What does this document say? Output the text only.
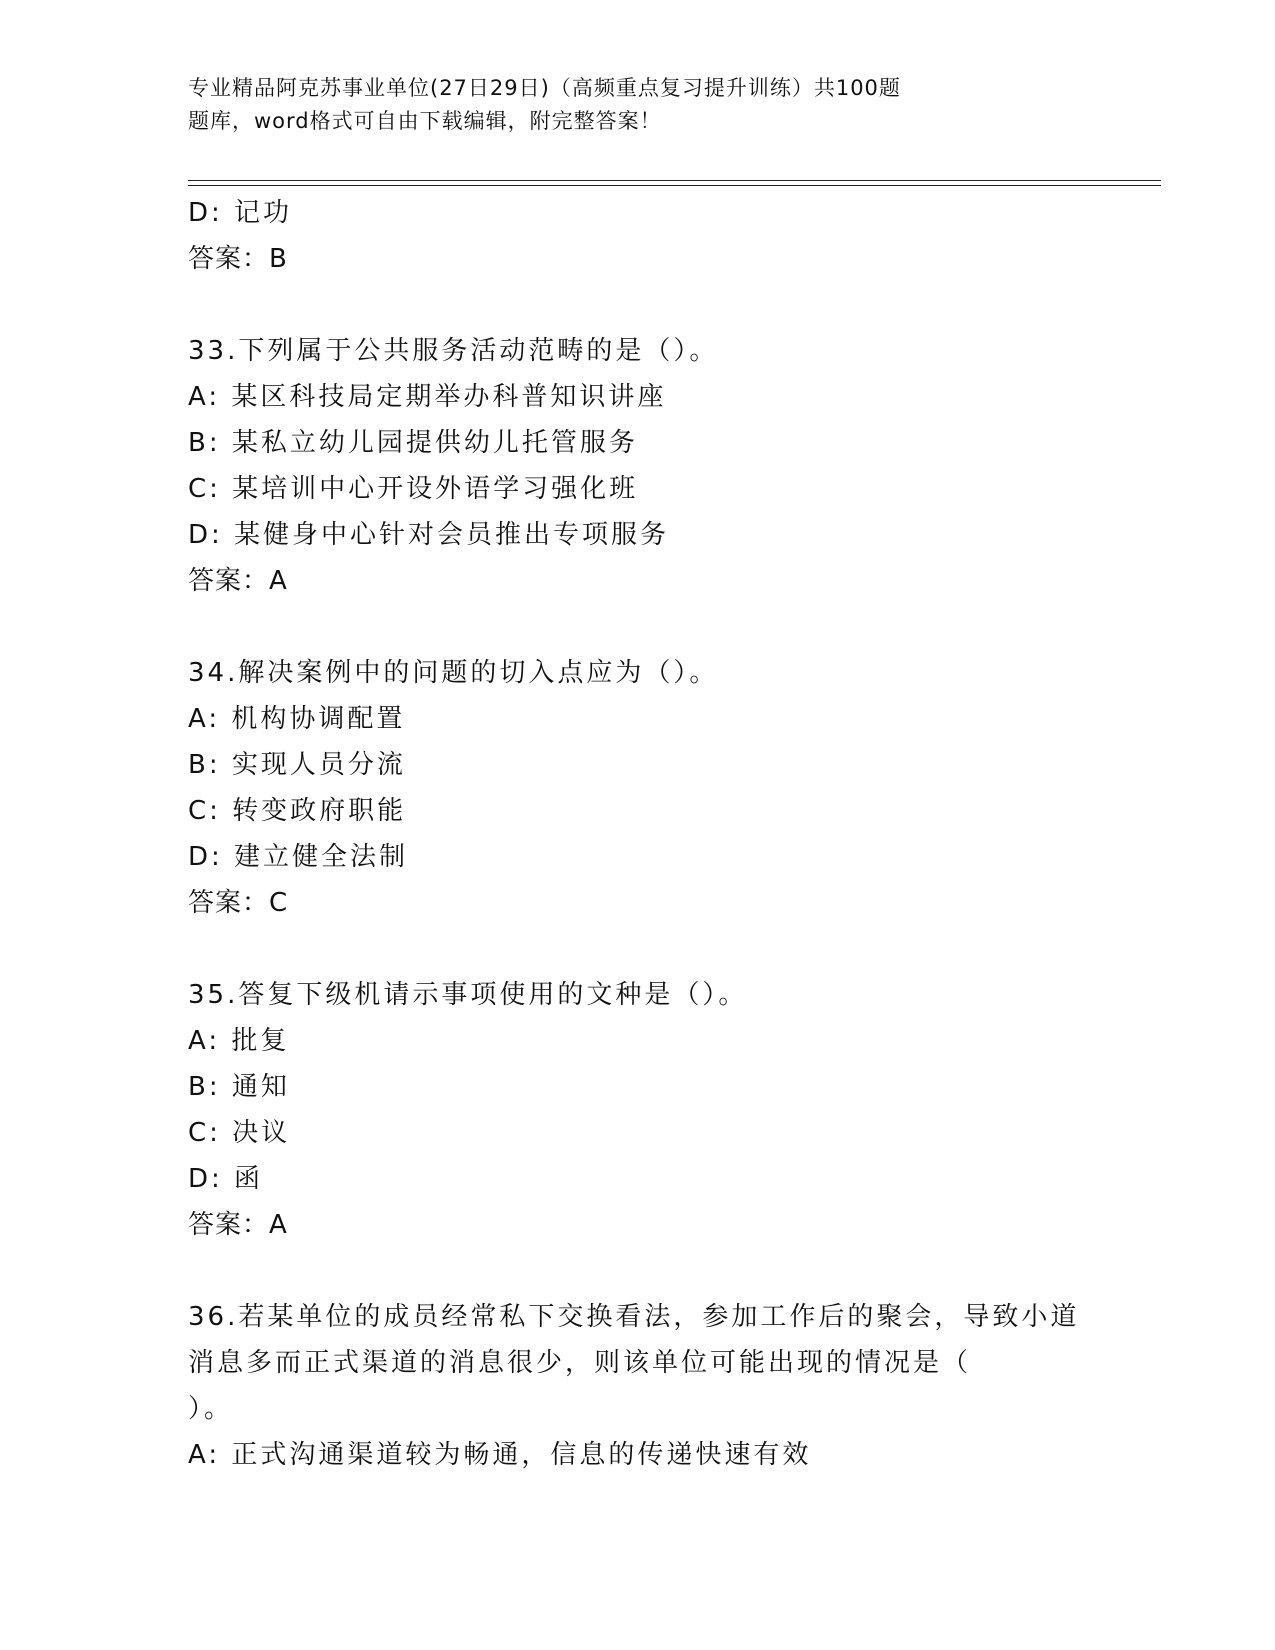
专业精品阿克苏事业单位(27日29日)（高频重点复习提升训练）共100题
题库，word格式可自由下载编辑，附完整答案！
D: 记功
答案：B
33.下列属于公共服务活动范畴的是（）。
A: 某区科技局定期举办科普知识讲座
B: 某私立幼儿园提供幼儿托管服务
C: 某培训中心开设外语学习强化班
D: 某健身中心针对会员推出专项服务
答案：A
34.解决案例中的问题的切入点应为（）。
A: 机构协调配置
B: 实现人员分流
C: 转变政府职能
D: 建立健全法制
答案：C
35.答复下级机请示事项使用的文种是（）。
A: 批复
B: 通知
C: 决议
D: 函
答案：A
36.若某单位的成员经常私下交换看法，参加工作后的聚会，导致小道
消息多而正式渠道的消息很少，则该单位可能出现的情况是（
）。
A: 正式沟通渠道较为畅通，信息的传递快速有效
